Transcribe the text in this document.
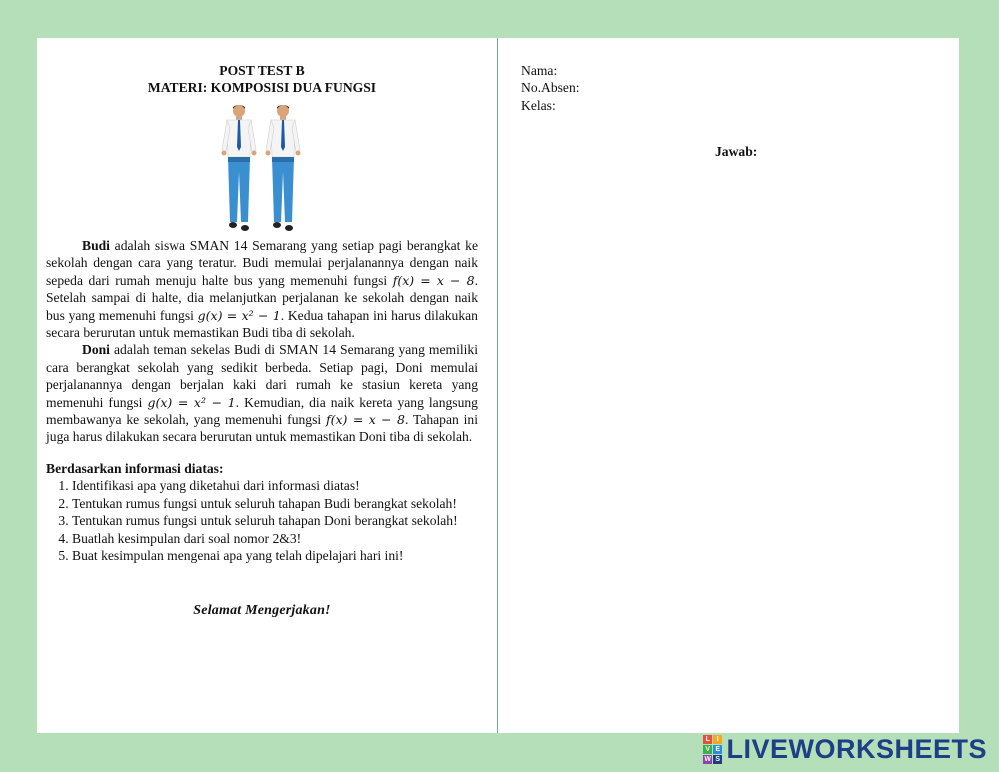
POST TEST B
MATERI: KOMPOSISI DUA FUNGSI

Budi adalah siswa SMAN 14 Semarang yang setiap pagi berangkat ke sekolah dengan cara yang teratur. Budi memulai perjalanannya dengan naik sepeda dari rumah menuju halte bus yang memenuhi fungsi f(x) = x − 8. Setelah sampai di halte, dia melanjutkan perjalanan ke sekolah dengan naik bus yang memenuhi fungsi g(x) = x² − 1. Kedua tahapan ini harus dilakukan secara berurutan untuk memastikan Budi tiba di sekolah.

Doni adalah teman sekelas Budi di SMAN 14 Semarang yang memiliki cara berangkat sekolah yang sedikit berbeda. Setiap pagi, Doni memulai perjalanannya dengan berjalan kaki dari rumah ke stasiun kereta yang memenuhi fungsi g(x) = x² − 1. Kemudian, dia naik kereta yang langsung membawanya ke sekolah, yang memenuhi fungsi f(x) = x − 8. Tahapan ini juga harus dilakukan secara berurutan untuk memastikan Doni tiba di sekolah.

Berdasarkan informasi diatas:
1. Identifikasi apa yang diketahui dari informasi diatas!
2. Tentukan rumus fungsi untuk seluruh tahapan Budi berangkat sekolah!
3. Tentukan rumus fungsi untuk seluruh tahapan Doni berangkat sekolah!
4. Buatlah kesimpulan dari soal nomor 2&3!
5. Buat kesimpulan mengenai apa yang telah dipelajari hari ini!
Selamat Mengerjakan!
Nama:
No.Absen:
Kelas:
Jawab:
L I
V E
W S LIVEWORKSHEETS
